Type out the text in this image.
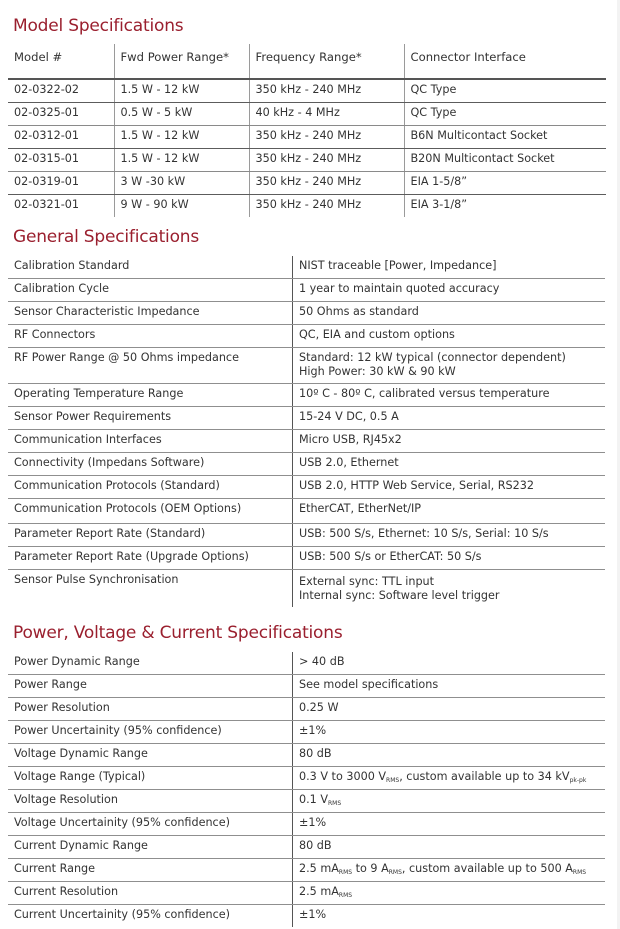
Model Specifications
Model #	Fwd Power Range*	Frequency Range*	Connector Interface
02-0322-02	1.5 W - 12 kW	350 kHz - 240 MHz	QC Type
02-0325-01	0.5 W - 5 kW	40 kHz - 4 MHz	QC Type
02-0312-01	1.5 W - 12 kW	350 kHz - 240 MHz	B6N Multicontact Socket
02-0315-01	1.5 W - 12 kW	350 kHz - 240 MHz	B20N Multicontact Socket
02-0319-01	3 W -30 kW	350 kHz - 240 MHz	EIA 1-5/8”
02-0321-01	9 W - 90 kW	350 kHz - 240 MHz	EIA 3-1/8”
General Specifications
Calibration Standard	NIST traceable [Power, Impedance]
Calibration Cycle	1 year to maintain quoted accuracy
Sensor Characteristic Impedance	50 Ohms as standard
RF Connectors	QC, EIA and custom options
RF Power Range @ 50 Ohms impedance	Standard: 12 kW typical (connector dependent)
High Power: 30 kW & 90 kW

Operating Temperature Range	10º C - 80º C, calibrated versus temperature
Sensor Power Requirements	15-24 V DC, 0.5 A
Communication Interfaces	Micro USB, RJ45x2
Connectivity (Impedans Software)	USB 2.0, Ethernet
Communication Protocols (Standard)	USB 2.0, HTTP Web Service, Serial, RS232
Communication Protocols (OEM Options)	EtherCAT, EtherNet/IP
Parameter Report Rate (Standard)	USB: 500 S/s, Ethernet: 10 S/s, Serial: 10 S/s
Parameter Report Rate (Upgrade Options)	USB: 500 S/s or EtherCAT: 50 S/s
Sensor Pulse Synchronisation	External sync: TTL input
Internal sync: Software level trigger
Power, Voltage & Current Specifications
Power Dynamic Range	> 40 dB
Power Range	See model specifications
Power Resolution	0.25 W
Power Uncertainity (95% confidence)	±1%
Voltage Dynamic Range	80 dB
Voltage Range (Typical)	0.3 V to 3000 $V_{RMS}$, custom available up to 34 $kV_{pk-pk}$
Voltage Resolution	0.1 $V_{RMS}$
Voltage Uncertainity (95% confidence)	±1%
Current Dynamic Range	80 dB
Current Range	2.5 $mA_{RMS}$ to 9 $A_{RMS}$, custom available up to 500 $A_{RMS}$
Current Resolution	2.5 $mA_{RMS}$
Current Uncertainity (95% confidence)	±1%
